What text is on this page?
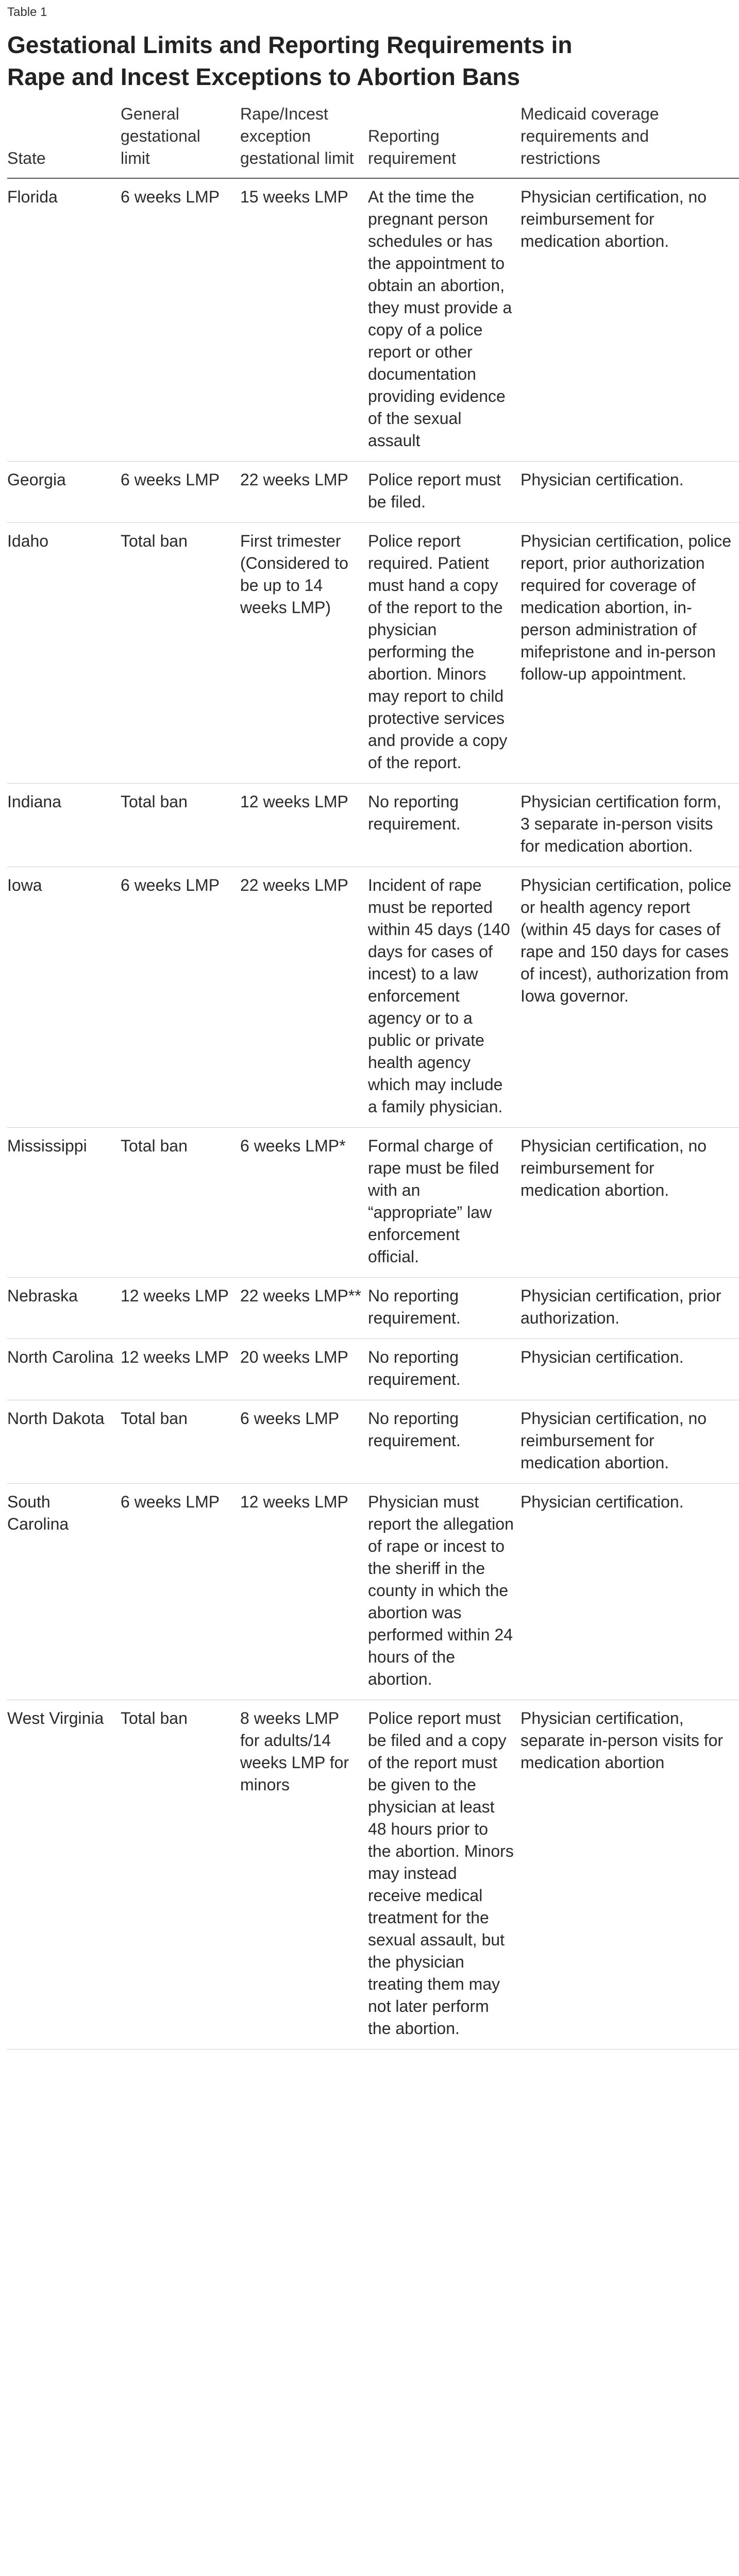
Table 1
Gestational Limits and Reporting Requirements in Rape and Incest Exceptions to Abortion Bans
State	General gestational limit	Rape/Incest exception gestational limit	Reporting requirement	Medicaid coverage requirements and restrictions
Florida	6 weeks LMP	15 weeks LMP	At the time the pregnant person schedules or has the appointment to obtain an abortion, they must provide a copy of a police report or other documentation providing evidence of the sexual assault	Physician certification, no reimbursement for medication abortion.
Georgia	6 weeks LMP	22 weeks LMP	Police report must be filed.	Physician certification.
Idaho	Total ban	First trimester (Considered to be up to 14 weeks LMP)	Police report required. Patient must hand a copy of the report to the physician performing the abortion. Minors may report to child protective services and provide a copy of the report.	Physician certification, police report, prior authorization required for coverage of medication abortion, in-person administration of mifepristone and in-person follow-up appointment.
Indiana	Total ban	12 weeks LMP	No reporting requirement.	Physician certification form, 3 separate in-person visits for medication abortion.
Iowa	6 weeks LMP	22 weeks LMP	Incident of rape must be reported within 45 days (140 days for cases of incest) to a law enforcement agency or to a public or private health agency which may include a family physician.	Physician certification, police or health agency report (within 45 days for cases of rape and 150 days for cases of incest), authorization from Iowa governor.
Mississippi	Total ban	6 weeks LMP*	Formal charge of rape must be filed with an “appropriate” law enforcement official.	Physician certification, no reimbursement for medication abortion.
Nebraska	12 weeks LMP	22 weeks LMP**	No reporting requirement.	Physician certification, prior authorization.
North Carolina	12 weeks LMP	20 weeks LMP	No reporting requirement.	Physician certification.
North Dakota	Total ban	6 weeks LMP	No reporting requirement.	Physician certification, no reimbursement for medication abortion.
South Carolina	6 weeks LMP	12 weeks LMP	Physician must report the allegation of rape or incest to the sheriff in the county in which the abortion was performed within 24 hours of the abortion.	Physician certification.
West Virginia	Total ban	8 weeks LMP for adults/14 weeks LMP for minors	Police report must be filed and a copy of the report must be given to the physician at least 48 hours prior to the abortion. Minors may instead receive medical treatment for the sexual assault, but the physician treating them may not later perform the abortion.	Physician certification, separate in-person visits for medication abortion
